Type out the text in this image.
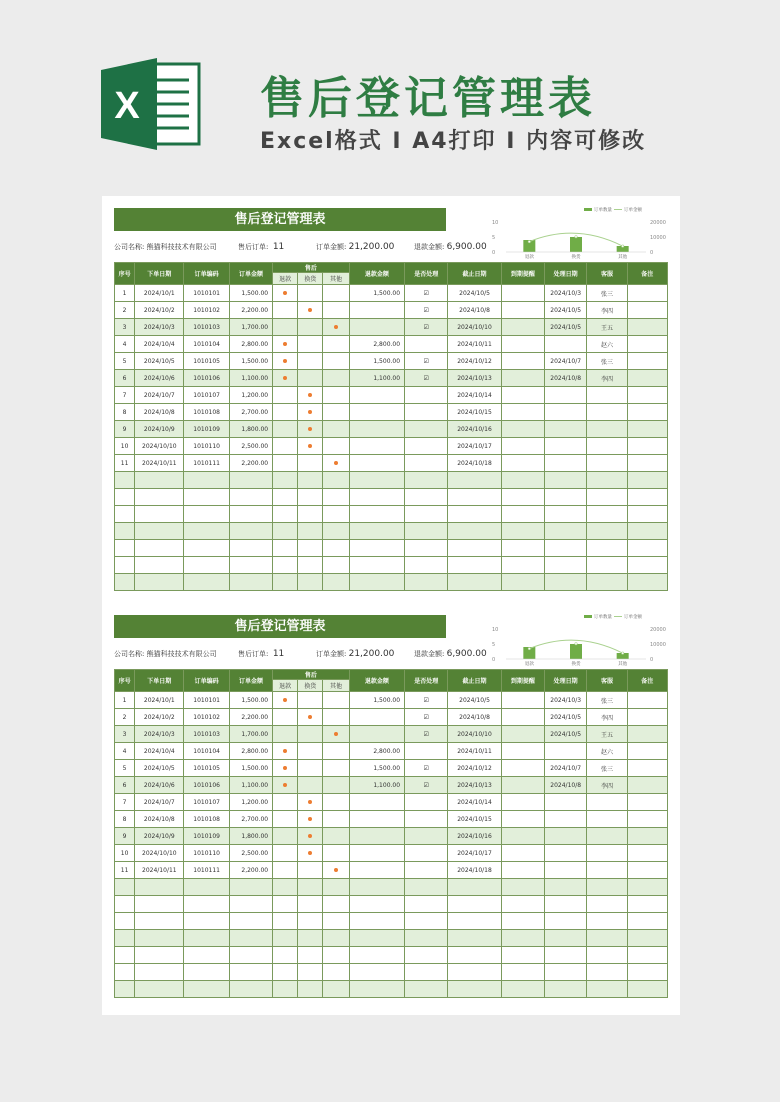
X	售后登记管理表
Excel格式 I A4打印 I 内容可修改
售后登记管理表
公司名称: 熊猫科技技术有限公司	售后订单: 11	订单金额: 21,200.00	退款金额: 6,900.00
订单数量	订单金额
10
5
0
20000
10000
0
退款	换货	其他
序号	下单日期	订单编码	订单金额	售后			退款金额	是否处理	截止日期	到期提醒	处理日期	客服	备注
				退款	换货	其他							
1	2024/10/1	1010101	1,500.00				1,500.00	☑	2024/10/5		2024/10/3	张三	
2	2024/10/2	1010102	2,200.00					☑	2024/10/8		2024/10/5	李四	
3	2024/10/3	1010103	1,700.00					☑	2024/10/10		2024/10/5	王五	
4	2024/10/4	1010104	2,800.00				2,800.00		2024/10/11			赵六	
5	2024/10/5	1010105	1,500.00				1,500.00	☑	2024/10/12		2024/10/7	张三	
6	2024/10/6	1010106	1,100.00				1,100.00	☑	2024/10/13		2024/10/8	李四	
7	2024/10/7	1010107	1,200.00						2024/10/14				
8	2024/10/8	1010108	2,700.00						2024/10/15				
9	2024/10/9	1010109	1,800.00						2024/10/16				
10	2024/10/10	1010110	2,500.00						2024/10/17				
11	2024/10/11	1010111	2,200.00						2024/10/18				

售后登记管理表
公司名称: 熊猫科技技术有限公司	售后订单: 11	订单金额: 21,200.00	退款金额: 6,900.00
订单数量	订单金额
10
5
0
20000
10000
0
退款	换货	其他
序号	下单日期	订单编码	订单金额	售后			退款金额	是否处理	截止日期	到期提醒	处理日期	客服	备注
				退款	换货	其他							
1	2024/10/1	1010101	1,500.00				1,500.00	☑	2024/10/5		2024/10/3	张三	
2	2024/10/2	1010102	2,200.00					☑	2024/10/8		2024/10/5	李四	
3	2024/10/3	1010103	1,700.00					☑	2024/10/10		2024/10/5	王五	
4	2024/10/4	1010104	2,800.00				2,800.00		2024/10/11			赵六	
5	2024/10/5	1010105	1,500.00				1,500.00	☑	2024/10/12		2024/10/7	张三	
6	2024/10/6	1010106	1,100.00				1,100.00	☑	2024/10/13		2024/10/8	李四	
7	2024/10/7	1010107	1,200.00						2024/10/14				
8	2024/10/8	1010108	2,700.00						2024/10/15				
9	2024/10/9	1010109	1,800.00						2024/10/16				
10	2024/10/10	1010110	2,500.00						2024/10/17				
11	2024/10/11	1010111	2,200.00						2024/10/18				
